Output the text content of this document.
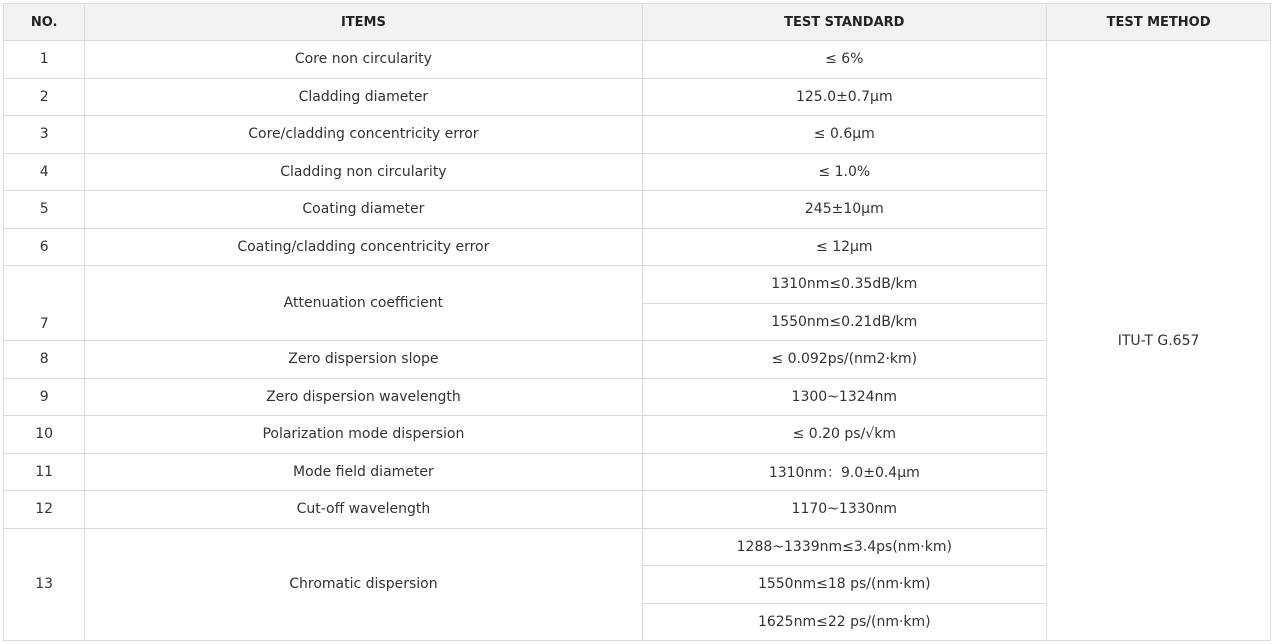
NO.	ITEMS	TEST STANDARD	TEST METHOD
1	Core non circularity	≤ 6%	ITU-T G.657
2	Cladding diameter	125.0±0.7μm	
3	Core/cladding concentricity error	≤ 0.6μm	
4	Cladding non circularity	≤ 1.0%	
5	Coating diameter	245±10μm	
6	Coating/cladding concentricity error	≤ 12μm	
7	Attenuation coefficient	1310nm≤0.35dB/km	
		1550nm≤0.21dB/km	
8	Zero dispersion slope	≤ 0.092ps/(nm2·km)	
9	Zero dispersion wavelength	1300~1324nm	
10	Polarization mode dispersion	≤ 0.20 ps/√km	
11	Mode field diameter	1310nm：9.0±0.4μm	
12	Cut-off wavelength	1170~1330nm	
13	Chromatic dispersion	1288~1339nm≤3.4ps(nm·km)	
		1550nm≤18 ps/(nm·km)	
		1625nm≤22 ps/(nm·km)	
